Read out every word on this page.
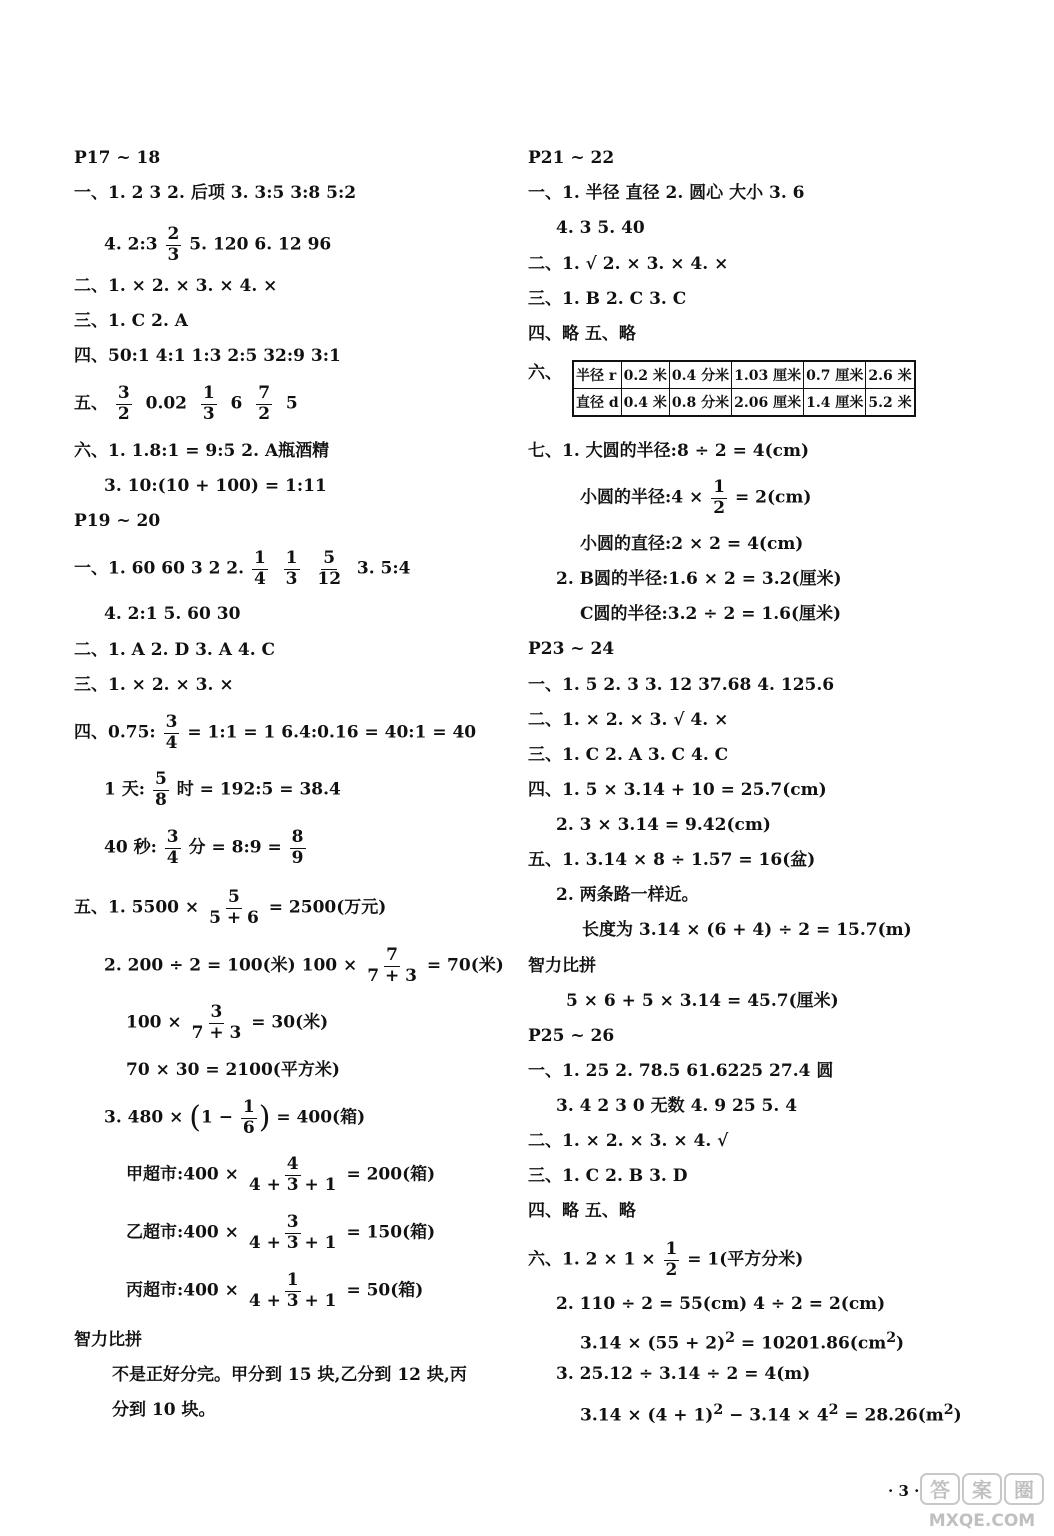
P17 ~ 18
一、1. 2 3 2. 后项 3. 3:5 3:8 5:2
4. 2:3 $\frac{2}{3} 5$. 120 6. 12 96
二、1. × 2. × 3. × 4. ×
三、1. C 2. A
四、50:1 4:1 1:3 2:5 32:9 3:1
五、 $\frac{3}{2} 0.02 \frac{1}{3} 6 \frac{7}{2} 5$
六、1. 1.8:1 = 9:5 2. A瓶酒精
3. 10:(10 + 100) = 1:11
P19 ~ 20
一、1. 60 60 3 2 2. $\frac{1}{4}$
$\frac{1}{3}$
$\frac{5}{12} 3$. 5:4
4. 2:1 5. 60 30
二、1. A 2. D 3. A 4. C
三、1. × 2. × 3. ×
四、0.75: $\frac{3}{4}$ = 1:1 = 1 6.4:0.16 = 40:1 = 40
1 天: $\frac{5}{8}$ 时 = 192:5 = 38.4
40 秒: $\frac{3}{4}$ 分 = 8:9 = $\frac{8}{9}$
五、1. $5500 \times \frac{5}{5 + 6} = 2500$(万元)
2. 200 ÷ 2 = 100(米) $100 \times \frac{7}{7 + 3} = 70$(米)
$100 \times \frac{3}{7 + 3} = 30$(米)
70 × 30 = 2100(平方米)
3. $480 \times (1 - \frac{1}{6}$ ) = 400(箱)
甲超市:400 × $\frac{4}{4 + 3 + 1} = 200$(箱)
乙超市:400 × $\frac{3}{4 + 3 + 1} = 150$(箱)
丙超市:400 × $\frac{1}{4 + 3 + 1} = 50$(箱)
智力比拼
不是正好分完。甲分到 15 块,乙分到 12 块,丙
分到 10 块。
P21 ~ 22
一、1. 半径 直径 2. 圆心 大小 3. 6
4. 3 5. 40
二、1. √ 2. × 3. × 4. ×
三、1. B 2. C 3. C
四、略 五、略
六、 半径 r	0.2 米	0.4 分米	1.03 厘米	0.7 厘米	2.6 米
直径 d	0.4 米	0.8 分米	2.06 厘米	1.4 厘米	5.2 米
七、1. 大圆的半径:8 ÷ 2 = 4(cm)
小圆的半径:4 × $\frac{1}{2} = 2(cm)$
小圆的直径:2 × 2 = 4(cm)
2. B圆的半径:1.6 × 2 = 3.2(厘米)
C圆的半径:3.2 ÷ 2 = 1.6(厘米)
P23 ~ 24
一、1. 5 2. 3 3. 12 37.68 4. 125.6
二、1. × 2. × 3. √ 4. ×
三、1. C 2. A 3. C 4. C
四、1. 5 × 3.14 + 10 = 25.7(cm)
2. 3 × 3.14 = 9.42(cm)
五、1. 3.14 × 8 ÷ 1.57 = 16(盆)
2. 两条路一样近。
长度为 3.14 × (6 + 4) ÷ 2 = 15.7(m)
智力比拼
5 × 6 + 5 × 3.14 = 45.7(厘米)
P25 ~ 26
一、1. 25 2. 78.5 61.6225 27.4 圆
3. 4 2 3 0 无数 4. 9 25 5. 4
二、1. × 2. × 3. × 4. √
三、1. C 2. B 3. D
四、略 五、略
六、1. $2 \times 1 \times \frac{1}{2} = 1$(平方分米)
2. 110 ÷ 2 = 55(cm) 4 ÷ 2 = 2(cm)
$3.14 \times (55 + 2)^2 = 10201.86(cm^2)$
3. 25.12 ÷ 3.14 ÷ 2 = 4(m)
$3.14 \times (4 + 1)^2 - 3.14 \times 4^2 = 28.26(m^2)$
· 3 · 答 案 圈
MXQE.COM
